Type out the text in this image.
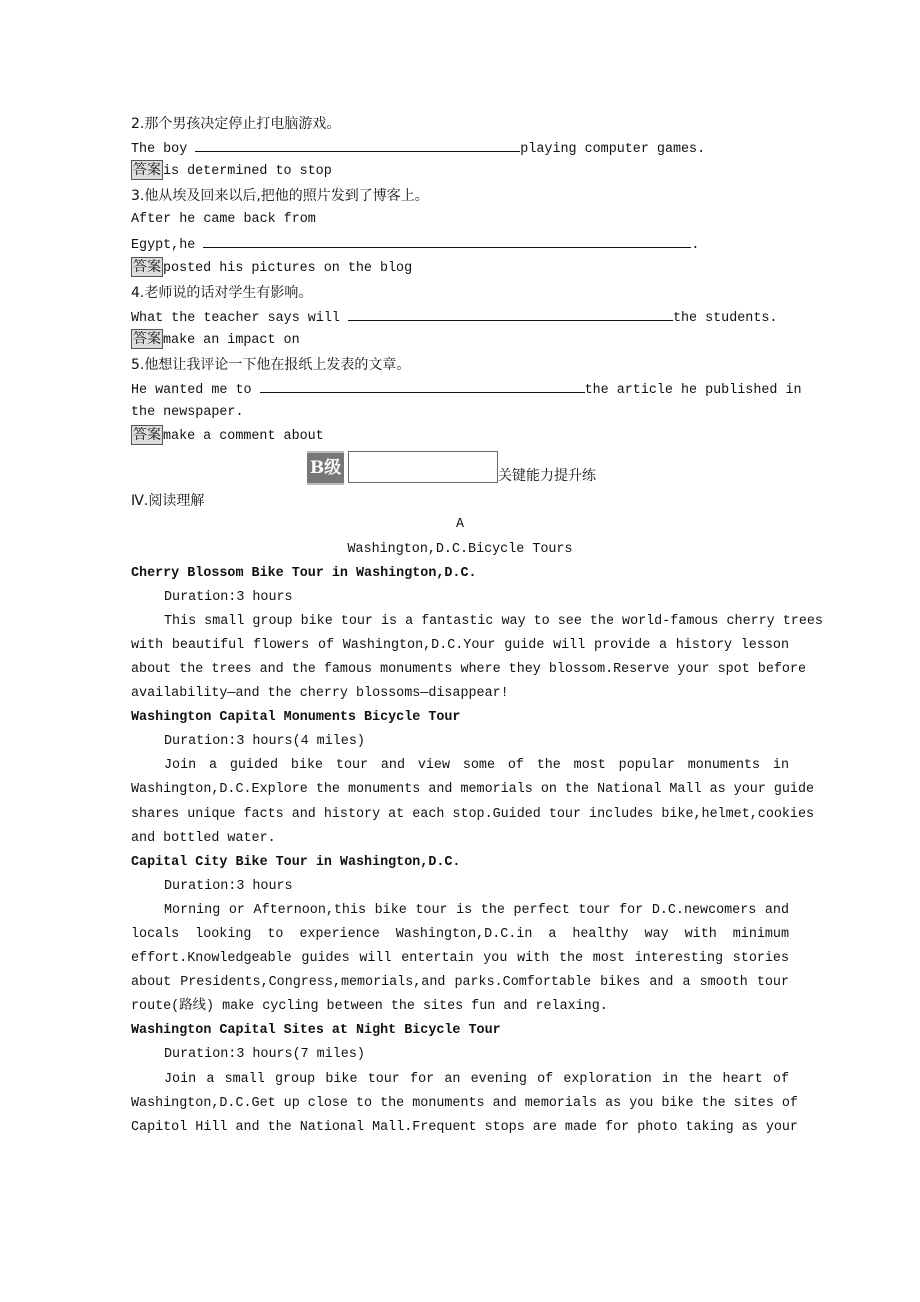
2.那个男孩决定停止打电脑游戏。
The boy	playing computer games.
答案 is determined to stop
3.他从埃及回来以后,把他的照片发到了博客上。
After he came back from
Egypt,he	.
答案 posted his pictures on the blog
4.老师说的话对学生有影响。
What the teacher says will	the students.
答案 make an impact on
5.他想让我评论一下他在报纸上发表的文章。
He wanted me to	the article he published in
the newspaper.
答案 make a comment about
B级	关键能力提升练
Ⅳ.阅读理解
A
Washington,D.C.Bicycle Tours
Cherry Blossom Bike Tour in Washington,D.C.
Duration:3 hours
This small group bike tour is a fantastic way to see the world-famous cherry trees
with beautiful flowers of Washington,D.C.Your guide will provide a history lesson
about the trees and the famous monuments where they blossom.Reserve your spot before
availability—and the cherry blossoms—disappear!
Washington Capital Monuments Bicycle Tour
Duration:3 hours(4 miles)
Join a guided bike tour and view some of the most popular monuments in
Washington,D.C.Explore the monuments and memorials on the National Mall as your guide
shares unique facts and history at each stop.Guided tour includes bike,helmet,cookies
and bottled water.
Capital City Bike Tour in Washington,D.C.
Duration:3 hours
Morning or Afternoon,this bike tour is the perfect tour for D.C.newcomers and
locals looking to experience Washington,D.C.in a healthy way with minimum
effort.Knowledgeable guides will entertain you with the most interesting stories
about Presidents,Congress,memorials,and parks.Comfortable bikes and a smooth tour
route(路线) make cycling between the sites fun and relaxing.
Washington Capital Sites at Night Bicycle Tour
Duration:3 hours(7 miles)
Join a small group bike tour for an evening of exploration in the heart of
Washington,D.C.Get up close to the monuments and memorials as you bike the sites of
Capitol Hill and the National Mall.Frequent stops are made for photo taking as your
